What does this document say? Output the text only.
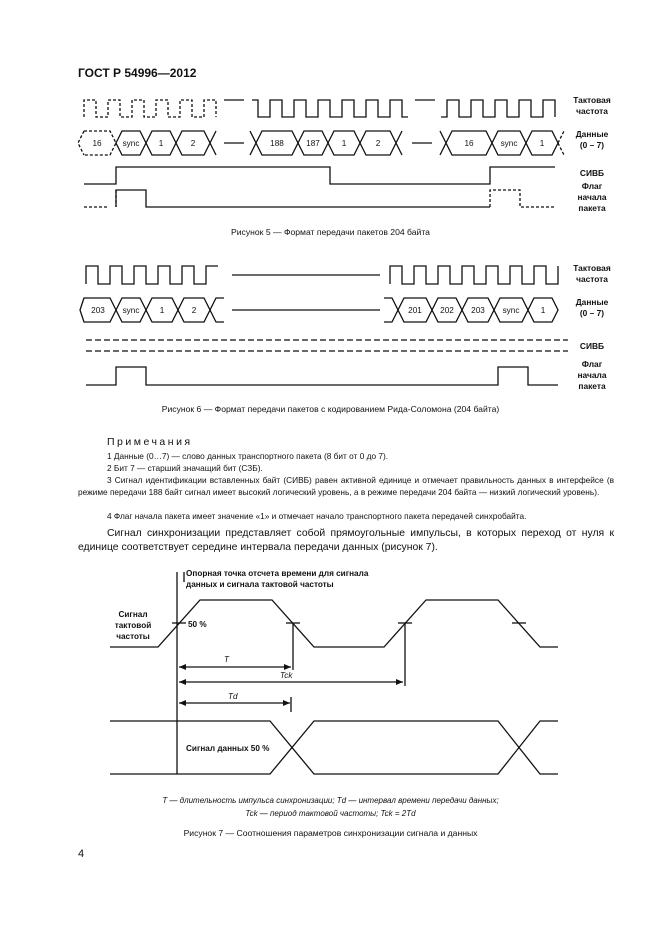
ГОСТ Р 54996—2012
16	sync 1	2	188	187	1	2	16	sync	1
Тактовая
частота
Данные
(0 – 7)
СИВБ
Флаг
начала
пакета
203 sync 1	2	201 202 203 sync	1
Тактовая
частота
Данные
(0 – 7)
СИВБ
Флаг
начала
пакета
Опорная точка отсчета времени для сигнала
данных и сигнала тактовой частоты
Сигнал
тактовой
частоты
50 %
T
Tck
Td
Сигнал данных 50 %
Рисунок 5 — Формат передачи пакетов 204 байта
Рисунок 6 — Формат передачи пакетов с кодированием Рида-Соломона (204 байта)
Примечания
1 Данные (0…7) — слово данных транспортного пакета (8 бит от 0 до 7).
2 Бит 7 — старший значащий бит (СЗБ).
3 Сигнал идентификации вставленных байт (СИВБ) равен активной единице и отмечает правильность данных в интерфейсе (в режиме передачи 188 байт сигнал имеет высокий логический уровень, а в режиме передачи 204 байта — низкий логический уровень).
4 Флаг начала пакета имеет значение «1» и отмечает начало транспортного пакета передачей синхробайта.
Сигнал синхронизации представляет собой прямоугольные импульсы, в которых переход от нуля к единице соответствует середине интервала передачи данных (рисунок 7).
T — длительность импульса синхронизации; Td — интервал времени передачи данных;
Tck — период тактовой частоты; Tck = 2Td
Рисунок 7 — Соотношения параметров синхронизации сигнала и данных
4
